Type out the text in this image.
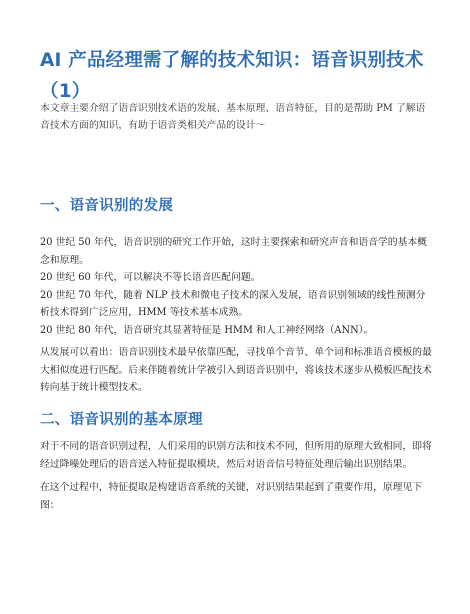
AI 产品经理需了解的技术知识：语音识别技术（1）
本文章主要介绍了语音识别技术语的发展、基本原理、语音特征，目的是帮助 PM 了解语音技术方面的知识，有助于语音类相关产品的设计～
一、语音识别的发展

20 世纪 50 年代，语音识别的研究工作开始，这时主要探索和研究声音和语音学的基本概念和原理。

20 世纪 60 年代，可以解决不等长语音匹配问题。

20 世纪 70 年代，随着 NLP 技术和微电子技术的深入发展，语音识别领域的线性预测分析技术得到广泛应用，HMM 等技术基本成熟。

20 世纪 80 年代，语音研究其显著特征是 HMM 和人工神经网络（ANN）。

从发展可以看出：语音识别技术最早依靠匹配，寻找单个音节、单个词和标准语音模板的最大相似度进行匹配。后来伴随着统计学被引入到语音识别中，将该技术逐步从模板匹配技术转向基于统计模型技术。
二、语音识别的基本原理
对于不同的语音识别过程，人们采用的识别方法和技术不同，但所用的原理大致相同，即将经过降噪处理后的语音送入特征提取模块，然后对语音信号特征处理后输出识别结果。
在这个过程中，特征提取是构建语音系统的关键，对识别结果起到了重要作用，原理见下图：
